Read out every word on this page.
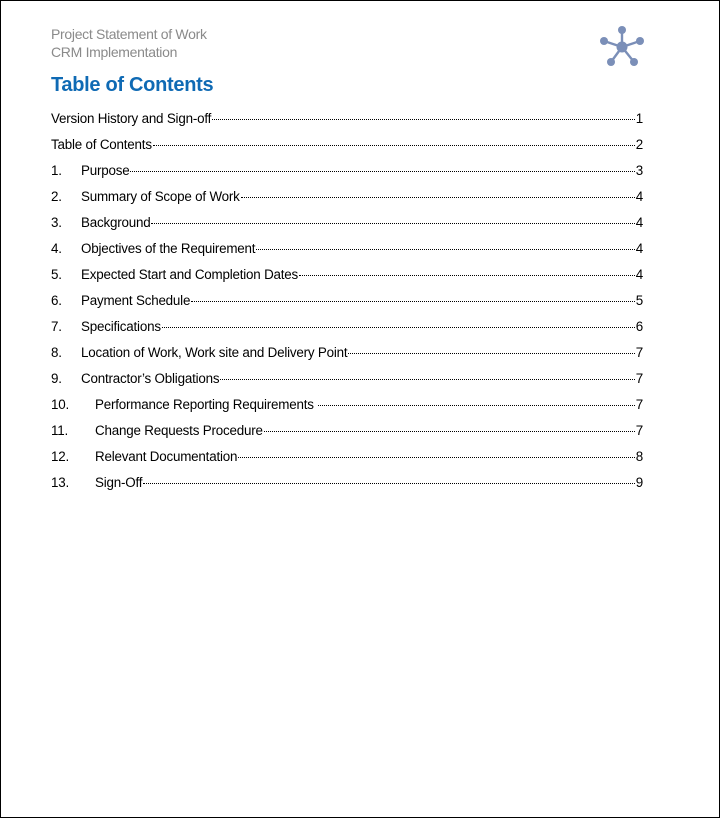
Project Statement of Work
CRM Implementation
Table of Contents
Version History and Sign-off	1
Table of Contents	2
1. Purpose	3
2. Summary of Scope of Work	4
3. Background	4
4. Objectives of the Requirement	4
5. Expected Start and Completion Dates	4
6. Payment Schedule	5
7. Specifications	6
8. Location of Work, Work site and Delivery Point	7
9. Contractor’s Obligations	7
10. Performance Reporting Requirements	7
11. Change Requests Procedure	7
12. Relevant Documentation	8
13. Sign-Off	9
